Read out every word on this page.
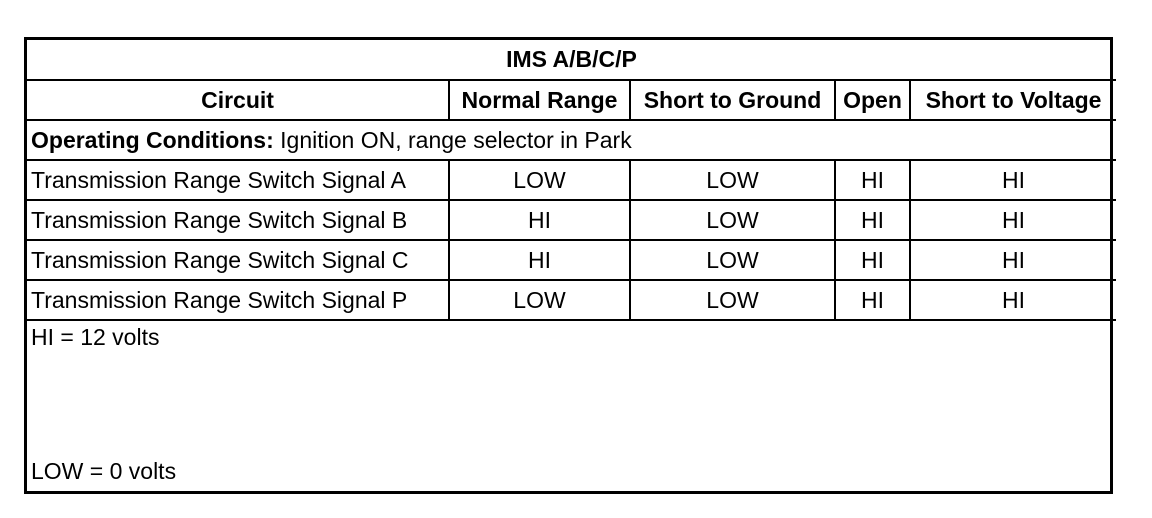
IMS A/B/C/P				
Circuit	Normal Range	Short to Ground	Open	Short to Voltage
Operating Conditions: Ignition ON, range selector in Park				
Transmission Range Switch Signal A	LOW	LOW	HI	HI
Transmission Range Switch Signal B	HI	LOW	HI	HI
Transmission Range Switch Signal C	HI	LOW	HI	HI
Transmission Range Switch Signal P	LOW	LOW	HI	HI
HI = 12 volts
LOW = 0 volts
